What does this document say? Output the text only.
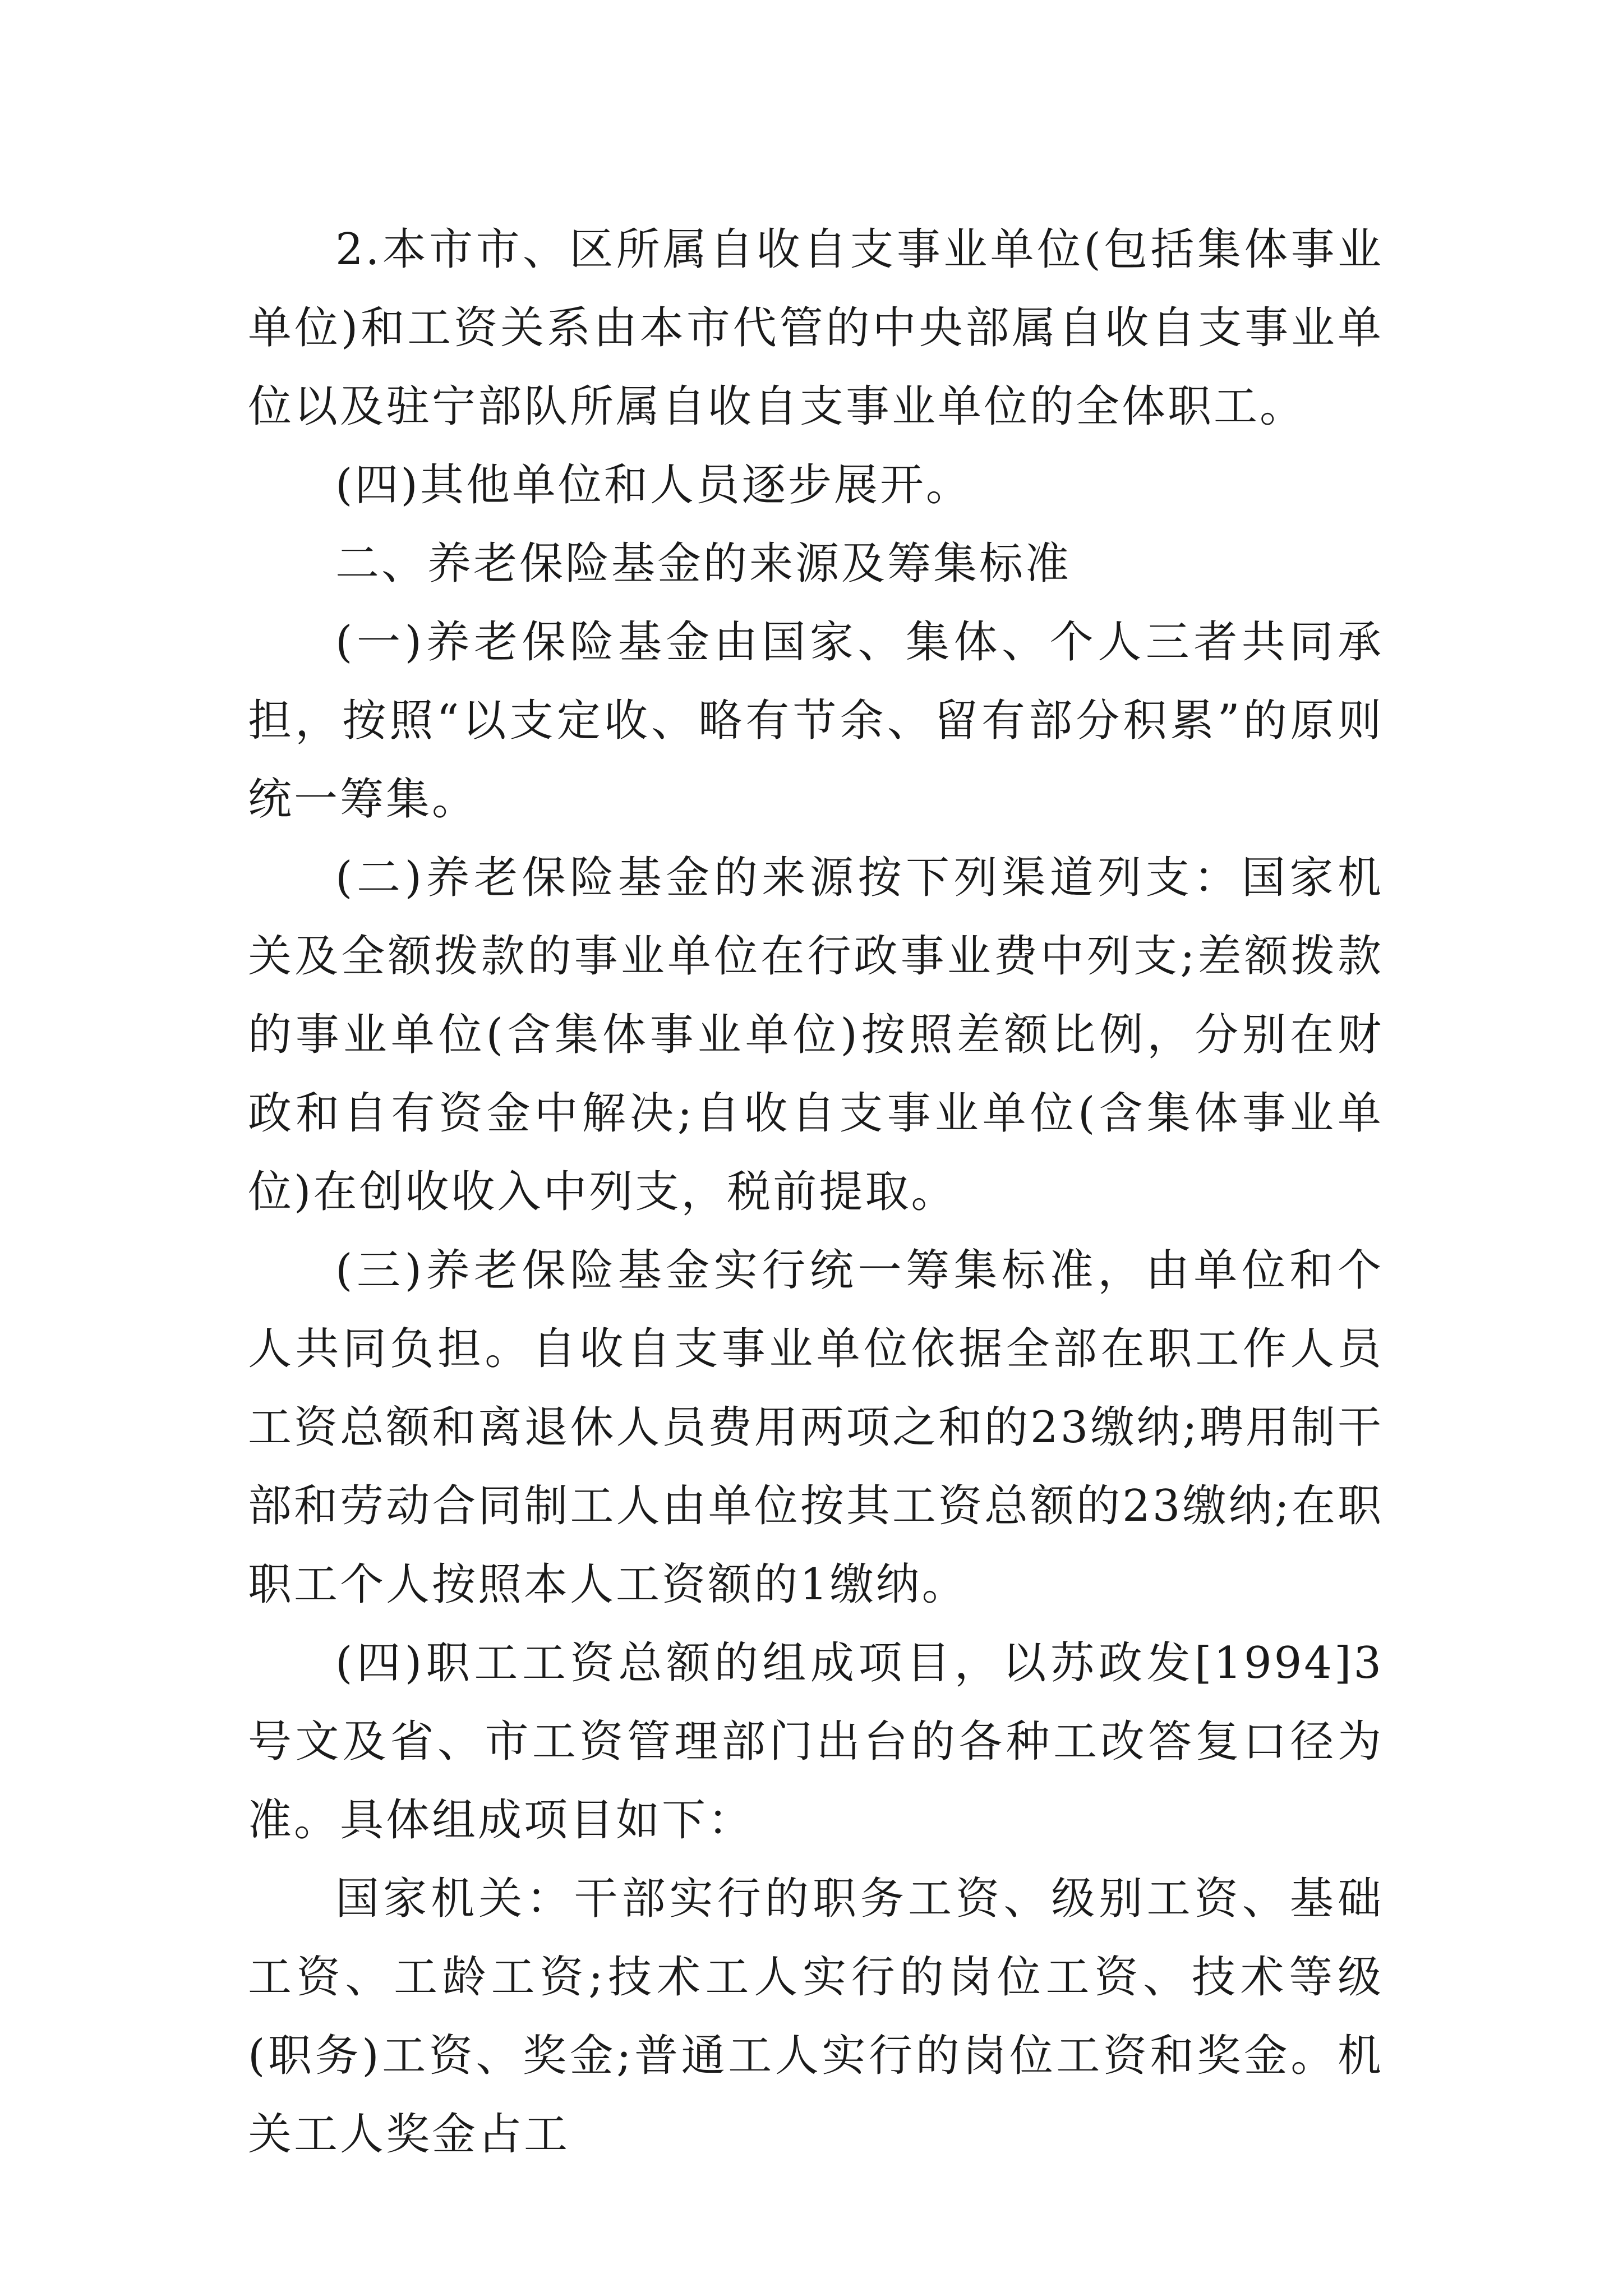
2.本市市、区所属自收自支事业单位(包括集体事业单位)和工资关系由本市代管的中央部属自收自支事业单位以及驻宁部队所属自收自支事业单位的全体职工。

(四)其他单位和人员逐步展开。

二、养老保险基金的来源及筹集标准

(一)养老保险基金由国家、集体、个人三者共同承担，按照“以支定收、略有节余、留有部分积累”的原则统一筹集。

(二)养老保险基金的来源按下列渠道列支：国家机关及全额拨款的事业单位在行政事业费中列支;差额拨款的事业单位(含集体事业单位)按照差额比例，分别在财政和自有资金中解决;自收自支事业单位(含集体事业单位)在创收收入中列支，税前提取。

(三)养老保险基金实行统一筹集标准，由单位和个人共同负担。自收自支事业单位依据全部在职工作人员工资总额和离退休人员费用两项之和的23缴纳;聘用制干部和劳动合同制工人由单位按其工资总额的23缴纳;在职职工个人按照本人工资额的1缴纳。

(四)职工工资总额的组成项目，以苏政发[1994]3号文及省、市工资管理部门出台的各种工改答复口径为准。具体组成项目如下：

国家机关：干部实行的职务工资、级别工资、基础工资、工龄工资;技术工人实行的岗位工资、技术等级(职务)工资、奖金;普通工人实行的岗位工资和奖金。机关工人奖金占工
